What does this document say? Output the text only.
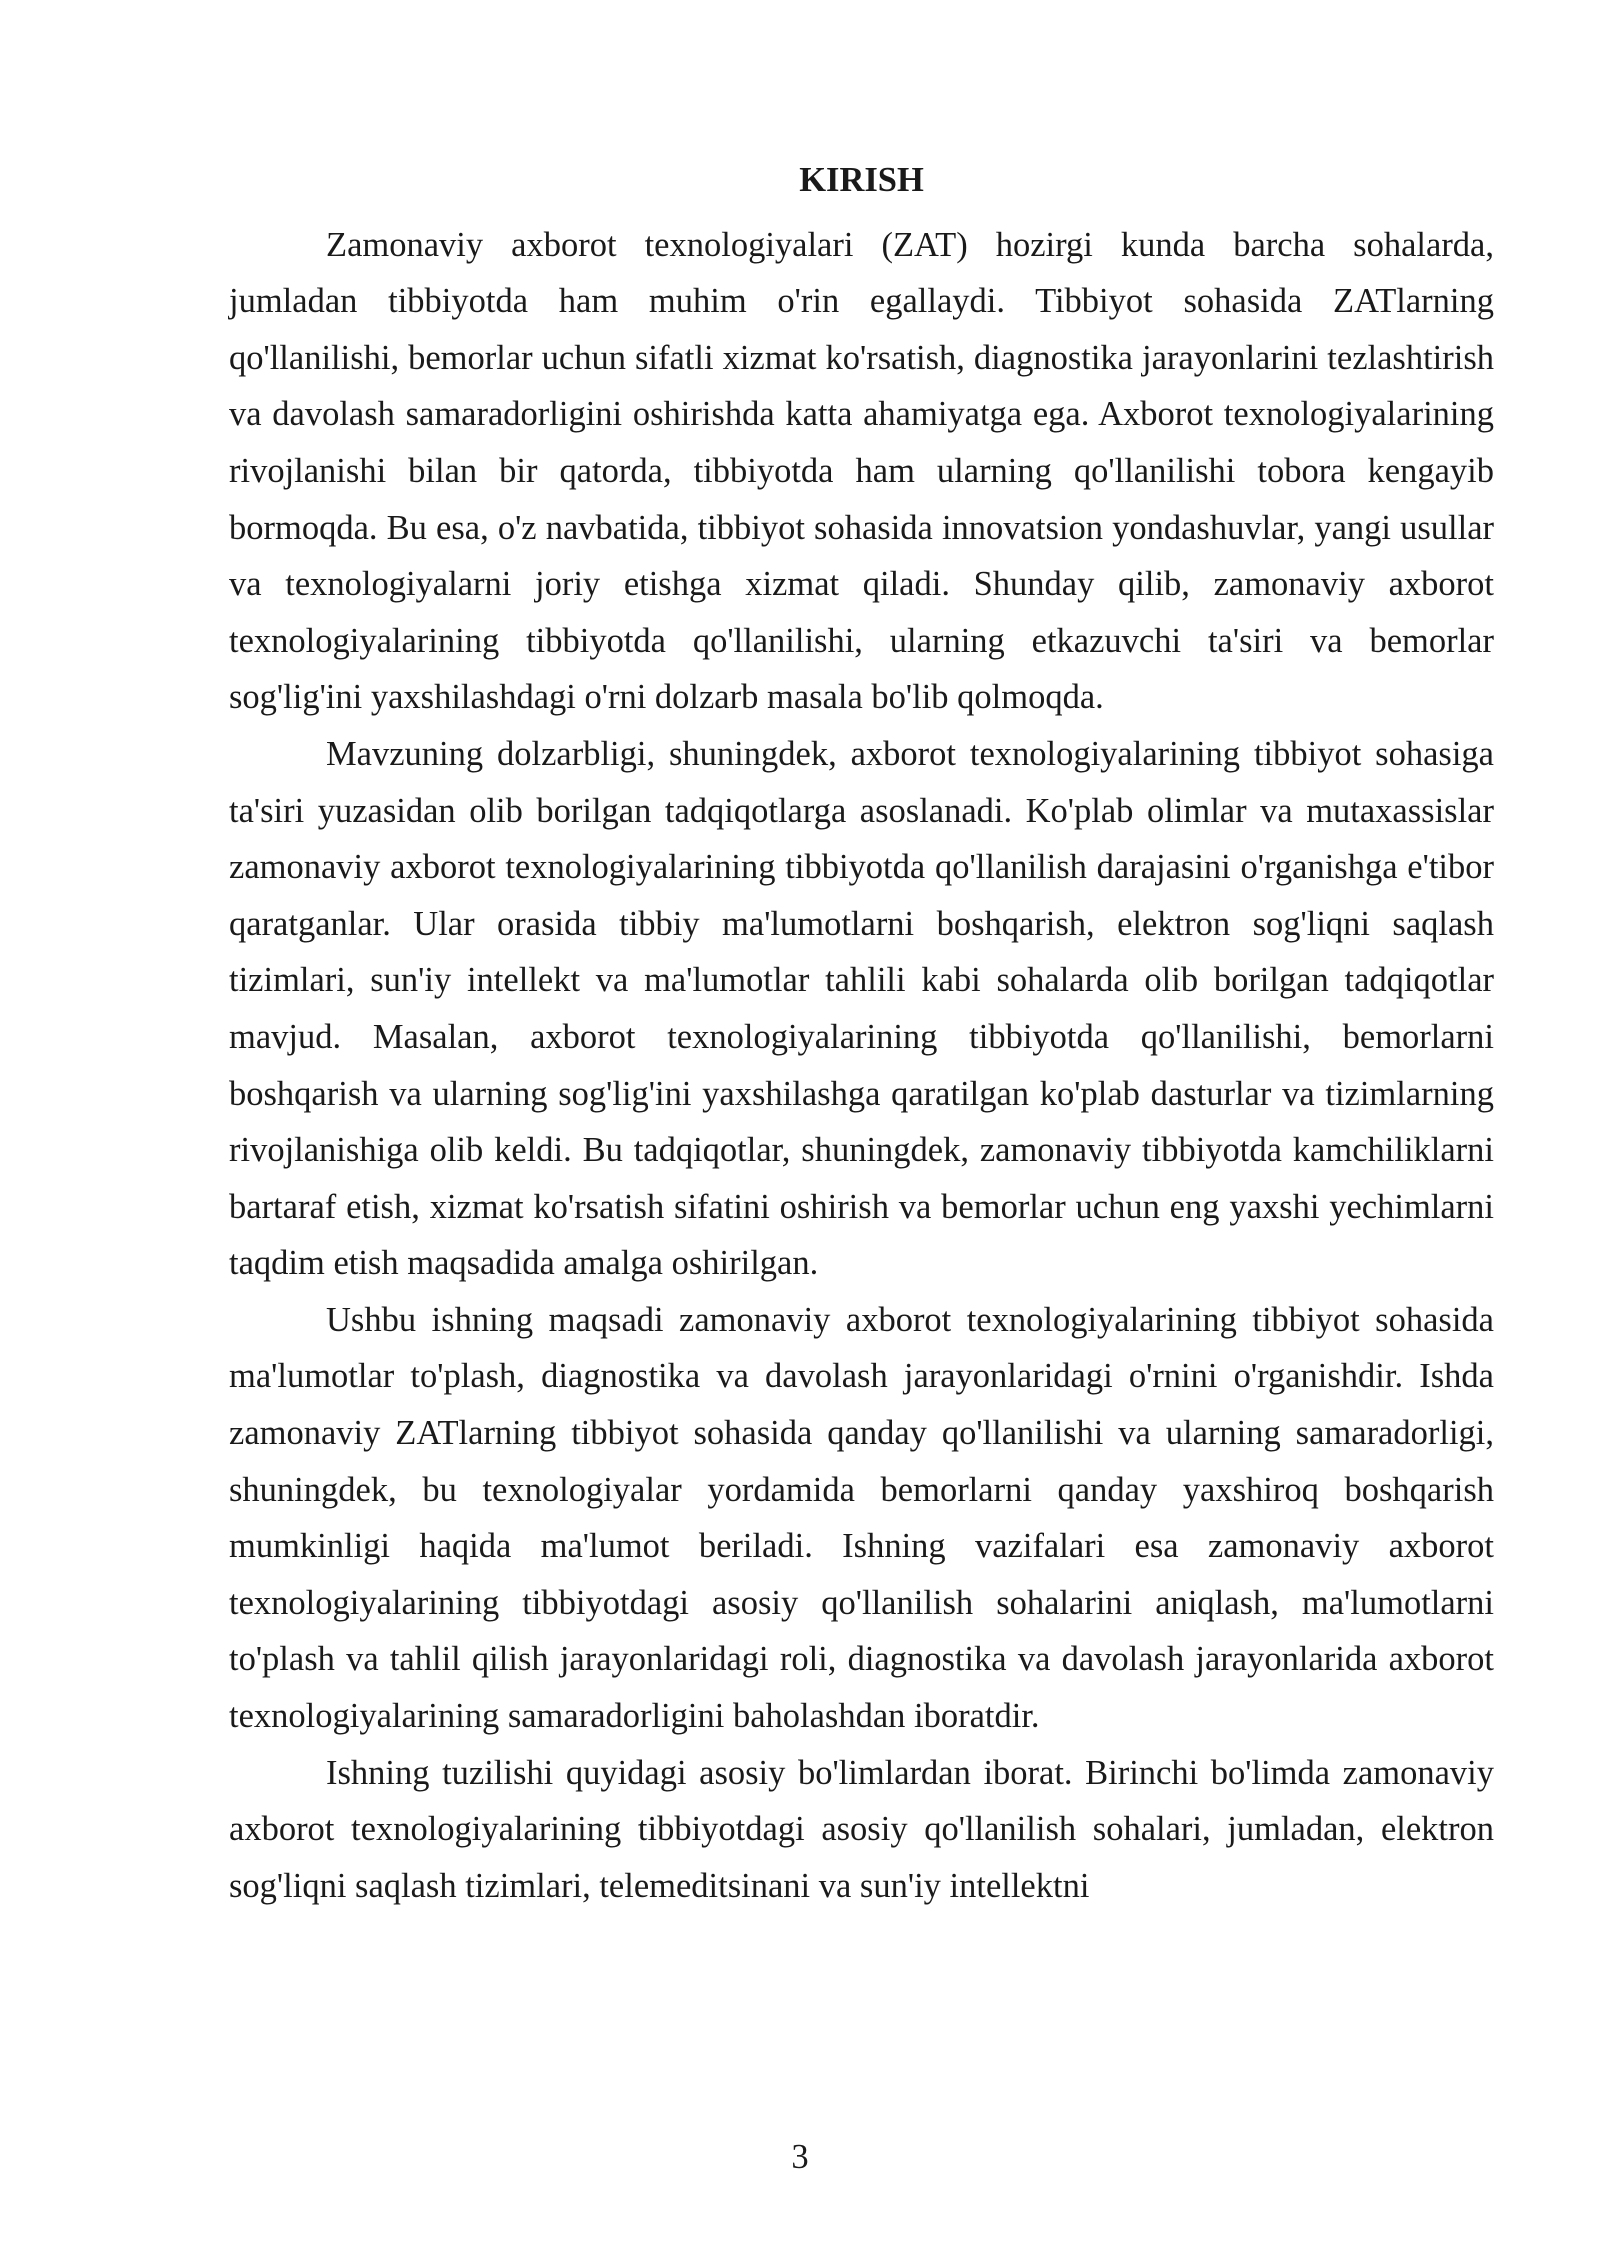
KIRISH

Zamonaviy axborot texnologiyalari (ZAT) hozirgi kunda barcha sohalarda, jumladan tibbiyotda ham muhim o'rin egallaydi. Tibbiyot sohasida ZATlarning qo'llanilishi, bemorlar uchun sifatli xizmat ko'rsatish, diagnostika jarayonlarini tezlashtirish va davolash samaradorligini oshirishda katta ahamiyatga ega. Axborot texnologiyalarining rivojlanishi bilan bir qatorda, tibbiyotda ham ularning qo'llanilishi tobora kengayib bormoqda. Bu esa, o'z navbatida, tibbiyot sohasida innovatsion yondashuvlar, yangi usullar va texnologiyalarni joriy etishga xizmat qiladi. Shunday qilib, zamonaviy axborot texnologiyalarining tibbiyotda qo'llanilishi, ularning etkazuvchi ta'siri va bemorlar sog'lig'ini yaxshilashdagi o'rni dolzarb masala bo'lib qolmoqda.

Mavzuning dolzarbligi, shuningdek, axborot texnologiyalarining tibbiyot sohasiga ta'siri yuzasidan olib borilgan tadqiqotlarga asoslanadi. Ko'plab olimlar va mutaxassislar zamonaviy axborot texnologiyalarining tibbiyotda qo'llanilish darajasini o'rganishga e'tibor qaratganlar. Ular orasida tibbiy ma'lumotlarni boshqarish, elektron sog'liqni saqlash tizimlari, sun'iy intellekt va ma'lumotlar tahlili kabi sohalarda olib borilgan tadqiqotlar mavjud. Masalan, axborot texnologiyalarining tibbiyotda qo'llanilishi, bemorlarni boshqarish va ularning sog'lig'ini yaxshilashga qaratilgan ko'plab dasturlar va tizimlarning rivojlanishiga olib keldi. Bu tadqiqotlar, shuningdek, zamonaviy tibbiyotda kamchiliklarni bartaraf etish, xizmat ko'rsatish sifatini oshirish va bemorlar uchun eng yaxshi yechimlarni taqdim etish maqsadida amalga oshirilgan.

Ushbu ishning maqsadi zamonaviy axborot texnologiyalarining tibbiyot sohasida ma'lumotlar to'plash, diagnostika va davolash jarayonlaridagi o'rnini o'rganishdir. Ishda zamonaviy ZATlarning tibbiyot sohasida qanday qo'llanilishi va ularning samaradorligi, shuningdek, bu texnologiyalar yordamida bemorlarni qanday yaxshiroq boshqarish mumkinligi haqida ma'lumot beriladi. Ishning vazifalari esa zamonaviy axborot texnologiyalarining tibbiyotdagi asosiy qo'llanilish sohalarini aniqlash, ma'lumotlarni to'plash va tahlil qilish jarayonlaridagi roli, diagnostika va davolash jarayonlarida axborot texnologiyalarining samaradorligini baholashdan iboratdir.

Ishning tuzilishi quyidagi asosiy bo'limlardan iborat. Birinchi bo'limda zamonaviy axborot texnologiyalarining tibbiyotdagi asosiy qo'llanilish sohalari, jumladan, elektron sog'liqni saqlash tizimlari, telemeditsinani va sun'iy intellektni

3
